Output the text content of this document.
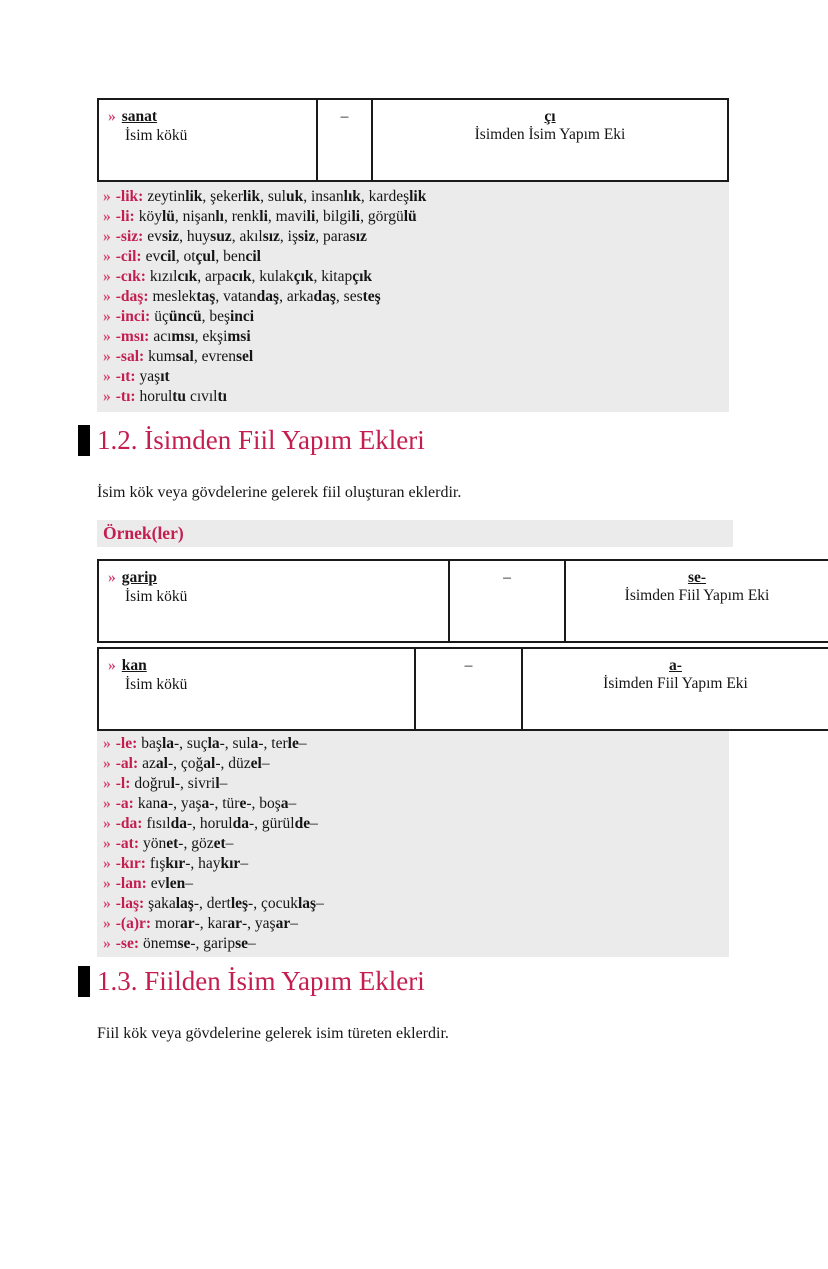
» sanat
İsim kökü
	–	çı
İsimden İsim Yapım Eki
» -lik: zeytinlik, şekerlik, suluk, insanlık, kardeşlik
» -li: köylü, nişanlı, renkli, mavili, bilgili, görgülü
» -siz: evsiz, huysuz, akılsız, işsiz, parasız
» -cil: evcil, otçul, bencil
» -cık: kızılcık, arpacık, kulakçık, kitapçık
» -daş: meslektaş, vatandaş, arkadaş, sesteş
» -inci: üçüncü, beşinci
» -msı: acımsı, ekşimsi
» -sal: kumsal, evrensel
» -ıt: yaşıt
» -tı: horultu cıvıltı
1.2. İsimden Fiil Yapım Ekleri

İsim kök veya gövdelerine gelerek fiil oluşturan eklerdir.

Örnek(ler)
» garip
İsim kökü
	–	se-
İsimden Fiil Yapım Eki
» kan
İsim kökü
	–	a-
İsimden Fiil Yapım Eki
» -le: başla-, suçla-, sula-, terle–
» -al: azal-, çoğal-, düzel–
» -l: doğrul-, sivril–
» -a: kana-, yaşa-, türe-, boşa–
» -da: fısılda-, horulda-, gürülde–
» -at: yönet-, gözet–
» -kır: fışkır-, haykır–
» -lan: evlen–
» -laş: şakalaş-, dertleş-, çocuklaş–
» -(a)r: morar-, karar-, yaşar–
» -se: önemse-, garipse–
1.3. Fiilden İsim Yapım Ekleri

Fiil kök veya gövdelerine gelerek isim türeten eklerdir.
